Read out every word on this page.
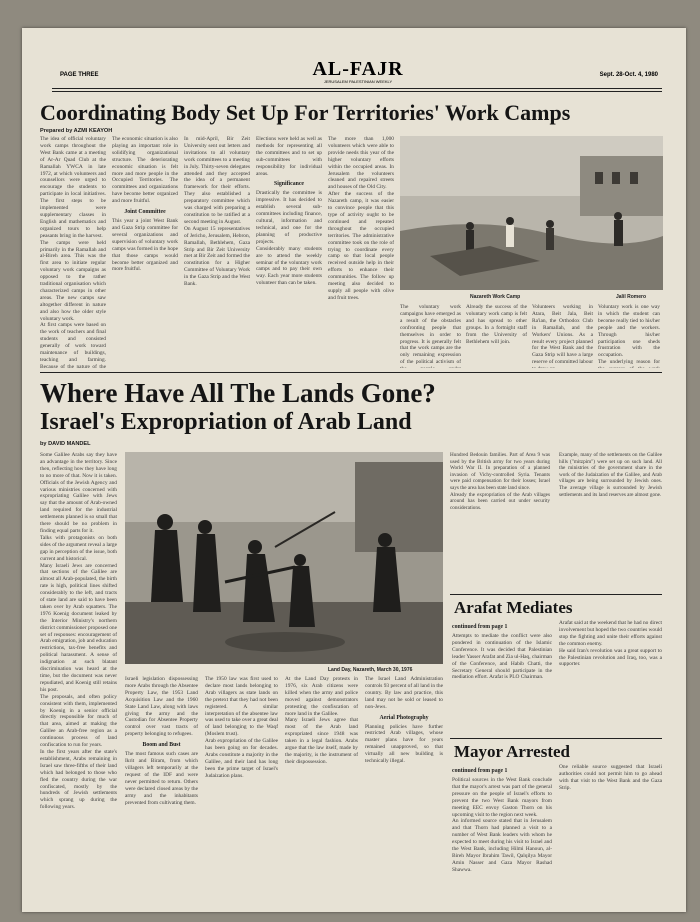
PAGE THREE	AL-FAJR
JERUSALEM PALESTINIAN WEEKLY
Sept. 28-Oct. 4, 1980
Coordinating Body Set Up For Territories' Work Camps
Prepared by AZMI KEAYOH

The idea of official voluntary work camps throughout the West Bank came at a meeting of Ar-Ar Quad Club at the Ramallah YWCA in late 1972, at which volunteers and counsellors were urged to encourage the students to participate in local initiatives. The first steps to be implemented were supplementary classes in English and mathematics and organized tours to help peasants bring in the harvest.

The camps were held primarily in the Ramallah and al-Bireh area. This was the first area to initiate regular voluntary work campaigns as opposed to the rather traditional organisation which characterized camps in other areas. The new camps saw altogether different in nature and also how the older style voluntary work.

At first camps were based on the work of teachers and final students and consisted generally of work toward maintenance of buildings, teaching and farming. Because of the nature of the

The economic situation is also playing an important role in solidifying organizational structure. The deteriorating economic situation is felt more and more people in the Occupied Territories. The committees and organizations have become better organized and more fruitful.

Joint Committee

This year a joint West Bank and Gaza Strip committee for several organizations and supervision of voluntary work camps was formed in the hope that those camps would become better organized and more fruitful.

In mid-April, Bir Zeit University sent out letters and invitations to all voluntary work committees to a meeting in July. Thirty-seven delegates attended and they accepted the idea of a permanent framework for their efforts. They also established a preparatory committee which was charged with preparing a constitution to be ratified at a second meeting in August.

On August 15 representatives of Jericho, Jerusalem, Hebron, Ramallah, Bethlehem, Gaza Strip and Bir Zeit University met at Bir Zeit and formed the constitution for a Higher Committee of Voluntary Work in the Gaza Strip and the West Bank.

Elections were held as well as methods for representing all the committees and to set up sub-committees with responsibility for individual areas.

Significance

Drastically the committee is impressive. It has decided to establish several sub-committees including finance, cultural, information and technical, and one for the planning of productive projects.

Considerably many students are to attend the weekly seminar of the voluntary work camps and to pay their own way. Each year more students volunteer than can be taken.

The more than 1,000 volunteers which were able to provide needs this year of the higher voluntary efforts within the occupied areas. In Jerusalem the volunteers cleaned and repaired streets and houses of the Old City.

After the success of the Nazareth camp, it was easier to convince people that this type of activity ought to be continued and repeated throughout the occupied territories. The administrative committee took on the role of trying to coordinate every camp so that local people received outside help in their efforts to enhance their communities. The follow up meeting also decided to supply all people with olive and fruit trees.	Nazareth Work Camp	Jalil Romero

The voluntary work campaigns have emerged as a result of the obstacles confronting people that themselves in order to progress. It is generally felt that the work camps are the only remaining expression of the political activism of

Already the success of the voluntary work camp is felt and has spread to other groups. In a fortnight staff from the University of Bethlehem will join.

Volunteers working in Atara, Beit Jala, Beit Ra'ian, the Orthodox Club in Ramallah, and the Workers' Unions. As a result every project planned for the West Bank and the Gaza Strip will have a large reserve of committed labour

Voluntary work is one way in which the student can become really tied to his/her people and the workers. Through his/her participation one sheds frustration with the occupation.

The underlying reason for

Where Have All The Lands Gone?
Israel's Expropriation of Arab Land
by DAVID MANDEL

Some Galilee Arabs say they have an advantage in the territory. Since then, reflecting how they have long to no more of that. Now it is taken. Officials of the Jewish Agency and various ministries concerned with expropriating Galilee with Jews say that the amount of Arab-owned land required for the industrial settlements planned is so small that there should be no problem in finding equal parts for it.

Talks with protagonists on both sides of the argument reveal a large gap in perception of the issue, both current and historical.

Many Israeli Jews are concerned that sections of the Galilee are almost all Arab-populated, the birth rate is high, political lines shifted considerably to the left, and tracts of state land are said to have been taken over by Arab squatters. The 1976 Koenig document leaked by the Interior Ministry's northern district commissioner proposed one set of responses: encouragement of Arab emigration, job and education restrictions, tax-free benefits and political harassment. A sense of indignation at such blatant discrimination was heard at the time, but the document was never repudiated, and Koenig still retains his post.

The proposals, and often policy consistent with them, implemented by Koenig in a senior official directly responsible for much of that area, aimed at making the Galilee an Arab-free region as a continuous process of land confiscation to run for years.

In the first years after the state's establishment, Arabs remaining in Israel saw three-fifths of their land which had belonged to those who fled the country during the war confiscated, mostly by the hundreds of Jewish settlements which sprang up during the following years.

Land Day, Nazareth, March 30, 1976

Israeli legislation dispossessing more Arabs through the Absentee Property Law, the 1953 Land Acquisition Law and the 1960 State Land Law, along with laws giving the army and the Custodian for Absentee Property control over vast tracts of property belonging to refugees.

Boom and Bust

The most famous such cases are Ikrit and Biram, from which villagers left temporarily at the request of the IDF and were never permitted to return. Others were declared closed areas by the army and the inhabitants prevented from cultivating them.

The 1950 law was first used to declare most lands belonging to Arab villagers as state lands on the pretext that they had not been registered. A similar interpretation of the absentee law was used to take over a great deal of land belonging to the Waqf (Moslem trust).

Arab expropriation of the Galilee has been going on for decades. Arabs constitute a majority in the Galilee, and their land has long been the prime target of Israel's Judaization plans.

At the Land Day protests in 1976, six Arab citizens were killed when the army and police moved against demonstrators protesting the confiscation of more land in the Galilee.

Many Israeli Jews agree that most of the Arab land expropriated since 1948 was taken in a legal fashion. Arabs argue that the law itself, made by the majority, is the instrument of their dispossession.

The Israel Land Administration controls 93 percent of all land in the country. By law and practice, this land may not be sold or leased to non-Jews.

Aerial Photography

Planning policies have further restricted Arab villages, whose master plans have for years remained unapproved, so that virtually all new building is technically illegal.

Arafat Mediates
continued from page 1

Attempts to mediate the conflict were also pondered in continuation of the Islamic Conference. It was decided that Palestinian leader Yasser Arafat and Zia ul-Haq, chairman of the Conference, and Habib Chatti, the Secretary General should participate in the mediation effort. Arafat is PLO Chairman.

Arafat said at the weekend that he had no direct involvement but hoped the two countries would stop the fighting and unite their efforts against the common enemy.

He said Iran's revolution was a great support to the Palestinian revolution and Iraq, too, was a supporter.

Mayor Arrested
continued from page 1

Political sources in the West Bank conclude that the mayor's arrest was part of the general pressure on the people of Israel's efforts to prevent the two West Bank mayors from meeting EEC envoy Gaston Thorn on his upcoming visit to the region next week.

An informed source stated that in Jerusalem and that Thorn had planned a visit to a number of West Bank leaders with whom he expected to meet during his visit to Israel and the West Bank, including Hilmi Hanoun, al-Bireh Mayor Ibrahim Tawil, Qalqilya Mayor Amin Nasser and Gaza Mayor Rashad Shawwa.

One reliable source suggested that Israeli authorities could not permit him to go ahead with that visit to the West Bank and the Gaza Strip.

Hundred Bedouin families. Part of Area 9 was used by the British army for two years during World War II. In preparation of a planned invasion of Vichy-controlled Syria. Tenants were paid compensation for their losses; Israel says the area has been state land since.

Already the expropriation of the Arab villages around has been carried out under security considerations.

Example, many of the settlements on the Galilee hills ("mitzpim") were set up on such land. All the ministries of the government share in the work of the Judaization of the Galilee, and Arab villages are being surrounded by Jewish ones. The average village is surrounded by Jewish settlements and its land reserves are almost gone.
